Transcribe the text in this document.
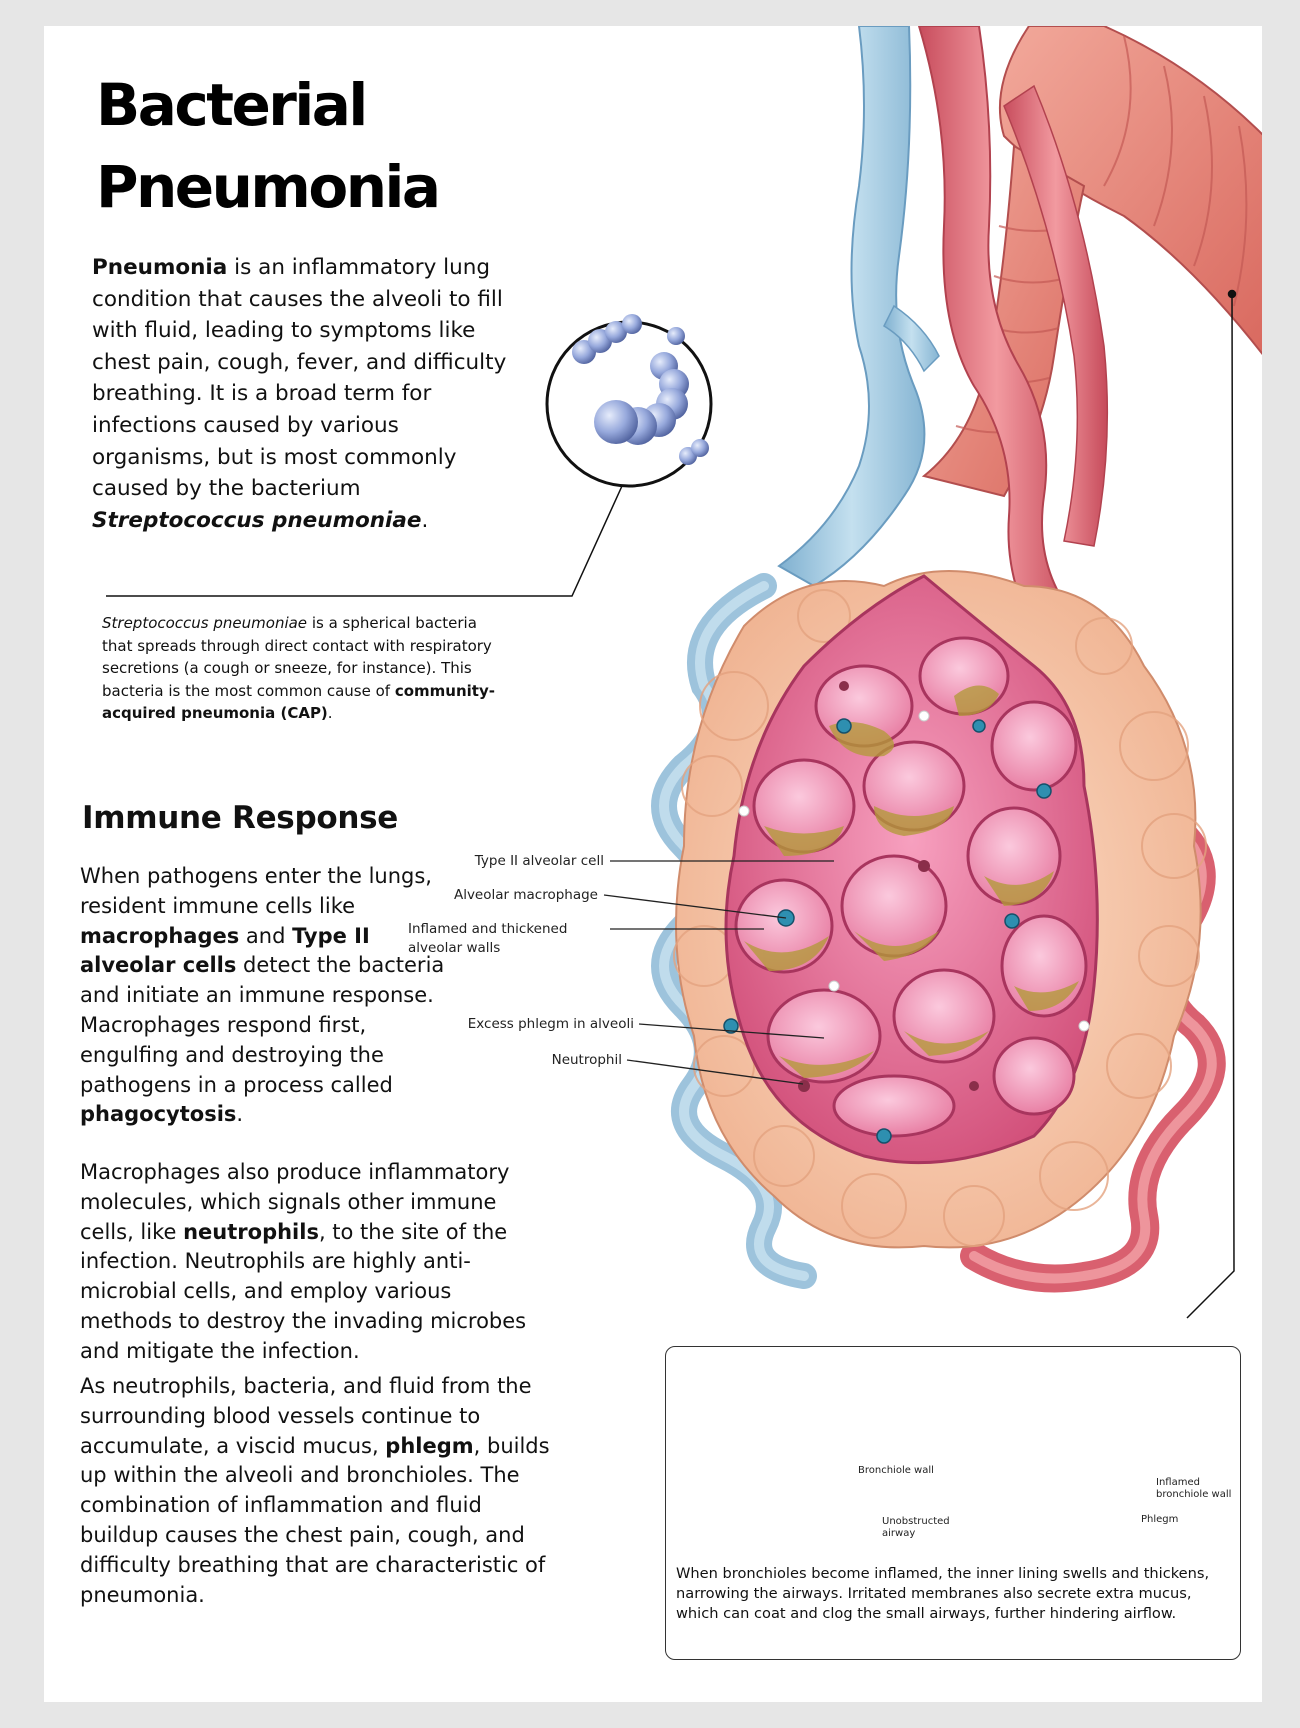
Bacterial
Pneumonia

Pneumonia is an inflammatory lung condition that causes the alveoli to fill with fluid, leading to symptoms like chest pain, cough, fever, and difficulty breathing. It is a broad term for infections caused by various organisms, but is most commonly caused by the bacterium Streptococcus pneumoniae.

Streptococcus pneumoniae is a spherical bacteria that spreads through direct contact with respiratory secretions (a cough or sneeze, for instance). This bacteria is the most common cause of community-acquired pneumonia (CAP).

Immune Response

When pathogens enter the lungs, resident immune cells like macrophages and Type II alveolar cells detect the bacteria and initiate an immune response. Macrophages respond first, engulfing and destroying the pathogens in a process called phagocytosis.

Macrophages also produce inflammatory molecules, which signals other immune cells, like neutrophils, to the site of the infection. Neutrophils are highly anti-microbial cells, and employ various methods to destroy the invading microbes and mitigate the infection.

As neutrophils, bacteria, and fluid from the surrounding blood vessels continue to accumulate, a viscid mucus, phlegm, builds up within the alveoli and bronchioles. The combination of inflammation and fluid buildup causes the chest pain, cough, and difficulty breathing that are characteristic of pneumonia.

Type II alveolar cell
Alveolar macrophage
Inflamed and thickened alveolar walls
Excess phlegm in alveoli
Neutrophil
Bronchiole wall
Unobstructed airway
Inflamed bronchiole wall
Phlegm
When bronchioles become inflamed, the inner lining swells and thickens, narrowing the airways. Irritated membranes also secrete extra mucus, which can coat and clog the small airways, further hindering airflow.
